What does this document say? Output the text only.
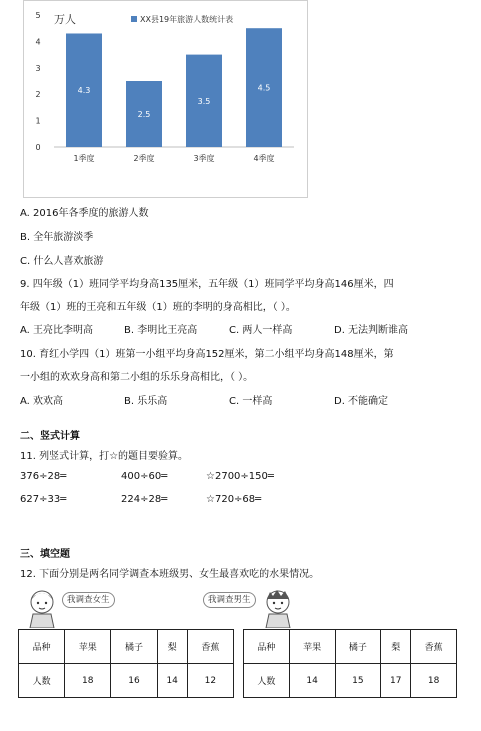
万人	XX县19年旅游人数统计表
0
1
2
3
4
5
4.3
1季度
2.5
2季度
3.5
3季度
4.5
4季度
A. 2016年各季度的旅游人数
B. 全年旅游淡季
C. 什么人喜欢旅游
9. 四年级（1）班同学平均身高135厘米，五年级（1）班同学平均身高146厘米，四
年级（1）班的王亮和五年级（1）班的李明的身高相比，（ ）。
A. 王亮比李明高	B. 李明比王亮高	C. 两人一样高	D. 无法判断谁高
10. 育红小学四（1）班第一小组平均身高152厘米，第二小组平均身高148厘米，第
一小组的欢欢身高和第二小组的乐乐身高相比，（ ）。
A. 欢欢高	B. 乐乐高	C. 一样高	D. 不能确定
二、竖式计算
11. 列竖式计算，打☆的题目要验算。
376÷28═	400÷60═	☆2700÷150═
627÷33═	224÷28═	☆720÷68═
三、填空题
12. 下面分别是两名同学调查本班级男、女生最喜欢吃的水果情况。
我调查女生	我调查男生
品种	苹果	橘子	梨	香蕉
人数	18	16	14	12
品种	苹果	橘子	梨	香蕉
人数	14	15	17	18
